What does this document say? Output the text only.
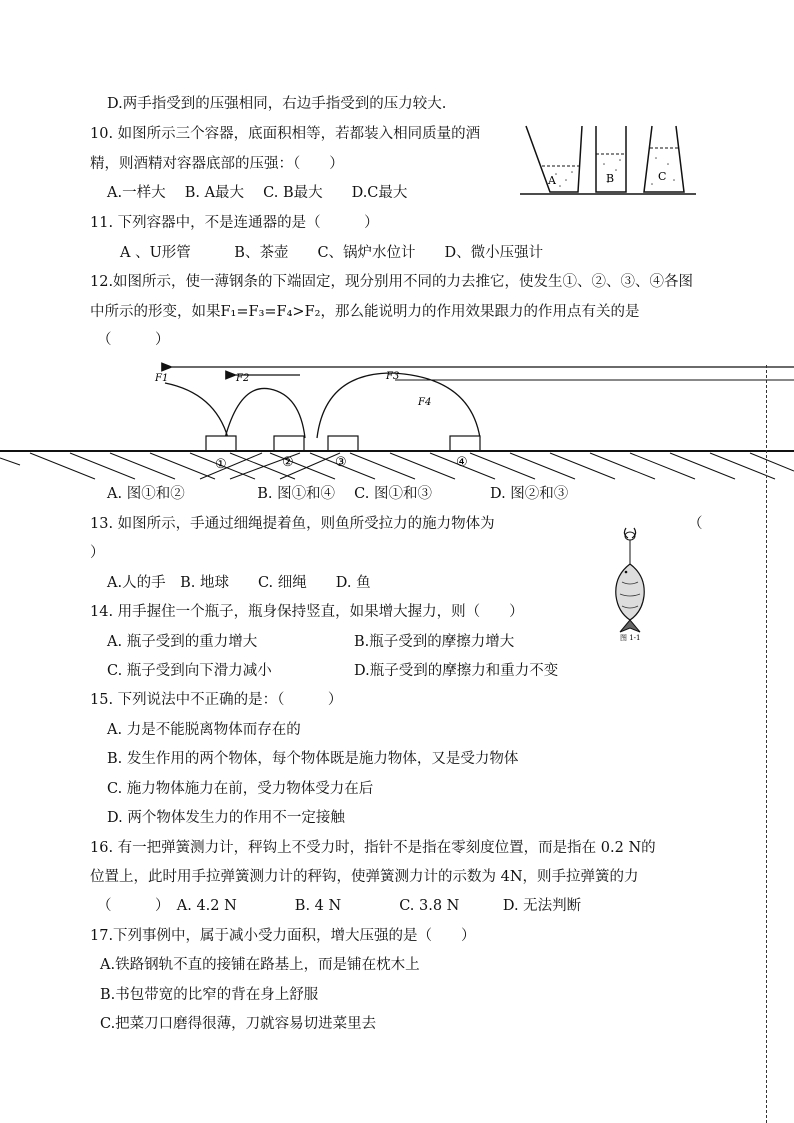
D.两手指受到的压强相同，右边手指受到的压力较大.
10. 如图所示三个容器，底面积相等，若都装入相同质量的酒
精，则酒精对容器底部的压强：（　　）
A.一样大　 B. A最大　 C. B最大　　D.C最大
11. 下列容器中，不是连通器的是（　　　）
A 、U形管　　　B、茶壶　　C、锅炉水位计　　D、微小压强计
12.如图所示，使一薄钢条的下端固定，现分别用不同的力去推它，使发生①、②、③、④各图
中所示的形变，如果F₁=F₃=F₄>F₂，那么能说明力的作用效果跟力的作用点有关的是
（　　　）
F1	F2	F3
F4
①	②	③	④
A. 图①和②　　　　　B. 图①和④　 C. 图①和③　　　　D. 图②和③
13. 如图所示，手通过细绳提着鱼，则鱼所受拉力的施力物体为	（
）
A.人的手　B. 地球　　C. 细绳　　D. 鱼
14. 用手握住一个瓶子，瓶身保持竖直，如果增大握力，则（　　）
A. 瓶子受到的重力增大	B.瓶子受到的摩擦力增大
C. 瓶子受到向下滑力减小	D.瓶子受到的摩擦力和重力不变
15. 下列说法中不正确的是：（　　　）
A. 力是不能脱离物体而存在的
B. 发生作用的两个物体，每个物体既是施力物体，又是受力物体
C. 施力物体施力在前，受力物体受力在后
D. 两个物体发生力的作用不一定接触
16. 有一把弹簧测力计，秤钩上不受力时，指针不是指在零刻度位置，而是指在 0.2 N的
位置上，此时用手拉弹簧测力计的秤钩，使弹簧测力计的示数为 4N，则手拉弹簧的力
（　　　）　A. 4.2 N　　　　B. 4 N　　　　C. 3.8 N　　　D. 无法判断
17.下列事例中，属于减小受力面积，增大压强的是（　　）
A.铁路钢轨不直的接铺在路基上，而是铺在枕木上
B.书包带宽的比窄的背在身上舒服
C.把菜刀口磨得很薄，刀就容易切进菜里去
A	B	C
图 1-1
